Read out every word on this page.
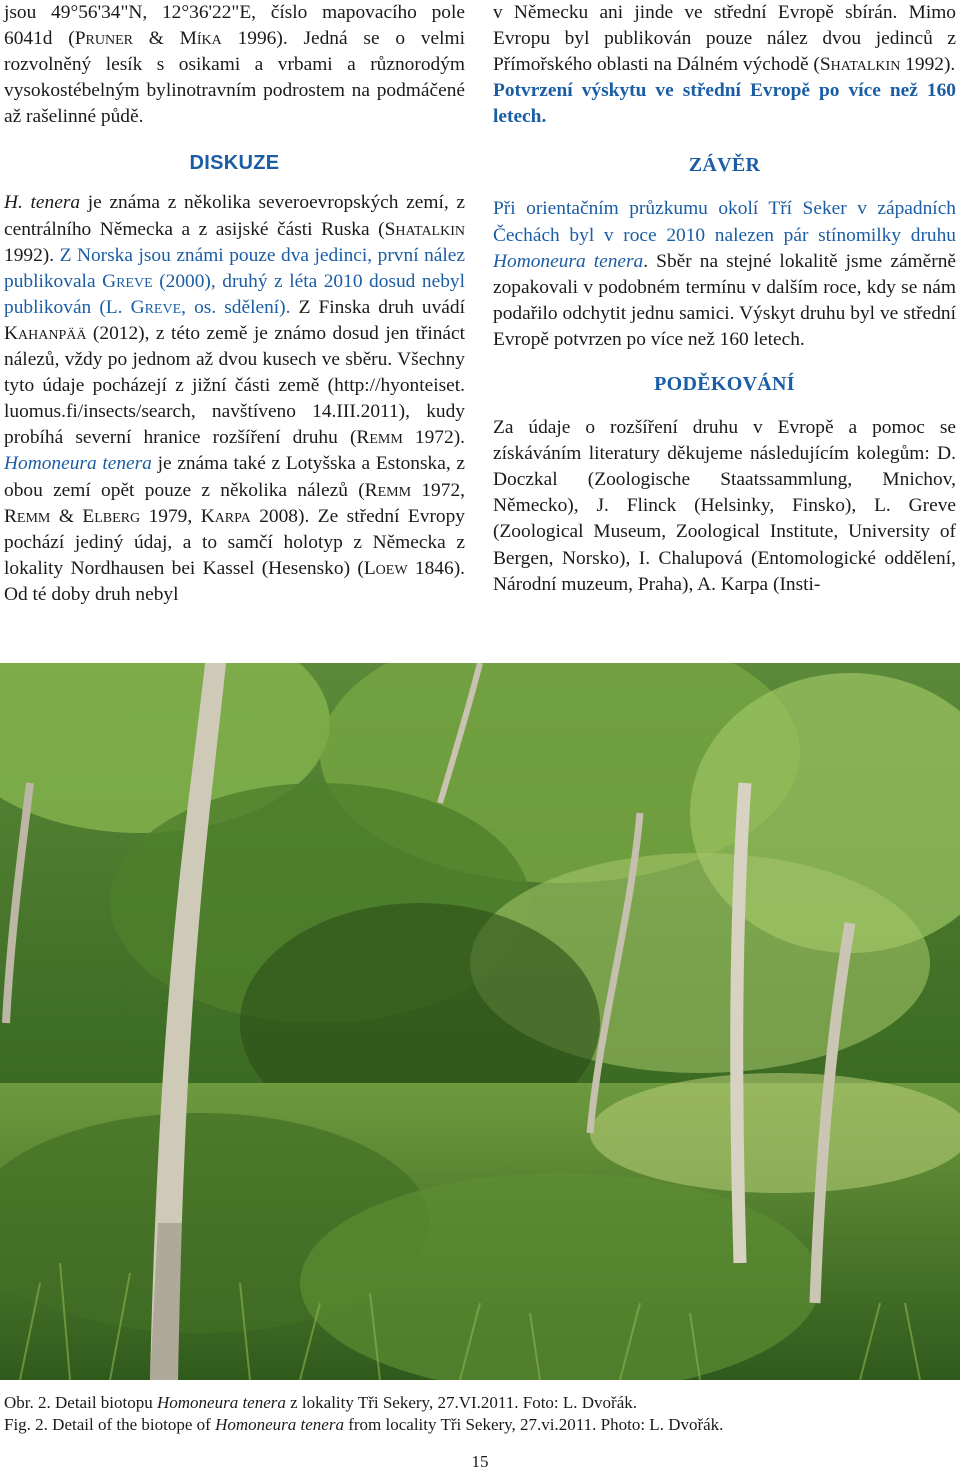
jsou 49°56'34"N, 12°36'22"E, číslo mapovacího pole 6041d (Pruner & Míka 1996). Jedná se o velmi rozvolněný lesík s osikami a vrbami a různorodým vysokostébelným bylinotravním podrostem na podmáčené až rašelinné půdě.

DISKUZE

H. tenera je známa z několika severoevropských zemí, z centrálního Německa a z asijské části Ruska (Shatalkin 1992). Z Norska jsou známi pouze dva jedinci, první nález publikovala Greve (2000), druhý z léta 2010 dosud nebyl publikován (L. Greve, os. sdělení). Z Finska druh uvádí Kahanpää (2012), z této země je známo dosud jen třináct nálezů, vždy po jednom až dvou kusech ve sběru. Všechny tyto údaje pocházejí z jižní části země (http://hyonteiset. luomus.fi/insects/search, navštíveno 14.III.2011), kudy probíhá severní hranice rozšíření druhu (Remm 1972). Homoneura tenera je známa také z Lotyšska a Estonska, z obou zemí opět pouze z několika nálezů (Remm 1972, Remm & Elberg 1979, Karpa 2008). Ze střední Evropy pochází jediný údaj, a to samčí holotyp z Německa z lokality Nordhausen bei Kassel (Hesensko) (Loew 1846). Od té doby druh nebyl

v Německu ani jinde ve střední Evropě sbírán. Mimo Evropu byl publikován pouze nález dvou jedinců z Přímořského oblasti na Dálném východě (Shatalkin 1992).

Potvrzení výskytu ve střední Evropě po více než 160 letech.

ZÁVĚR

Při orientačním průzkumu okolí Tří Seker v západních Čechách byl v roce 2010 nalezen pár stínomilky druhu Homoneura tenera. Sběr na stejné lokalitě jsme záměrně zopakovali v podobném termínu v dalším roce, kdy se nám podařilo odchytit jednu samici. Výskyt druhu byl ve střední Evropě potvrzen po více než 160 letech.

PODĚKOVÁNÍ

Za údaje o rozšíření druhu v Evropě a pomoc se získáváním literatury děkujeme následujícím kolegům: D. Doczkal (Zoologische Staatssammlung, Mnichov, Německo), J. Flinck (Helsinky, Finsko), L. Greve (Zoological Museum, Zoological Institute, University of Bergen, Norsko), I. Chalupová (Entomologické oddělení, Národní muzeum, Praha), A. Karpa (Insti-

Obr. 2. Detail biotopu Homoneura tenera z lokality Tři Sekery, 27.VI.2011. Foto: L. Dvořák.
Fig. 2. Detail of the biotope of Homoneura tenera from locality Tři Sekery, 27.vi.2011. Photo: L. Dvořák.
15
